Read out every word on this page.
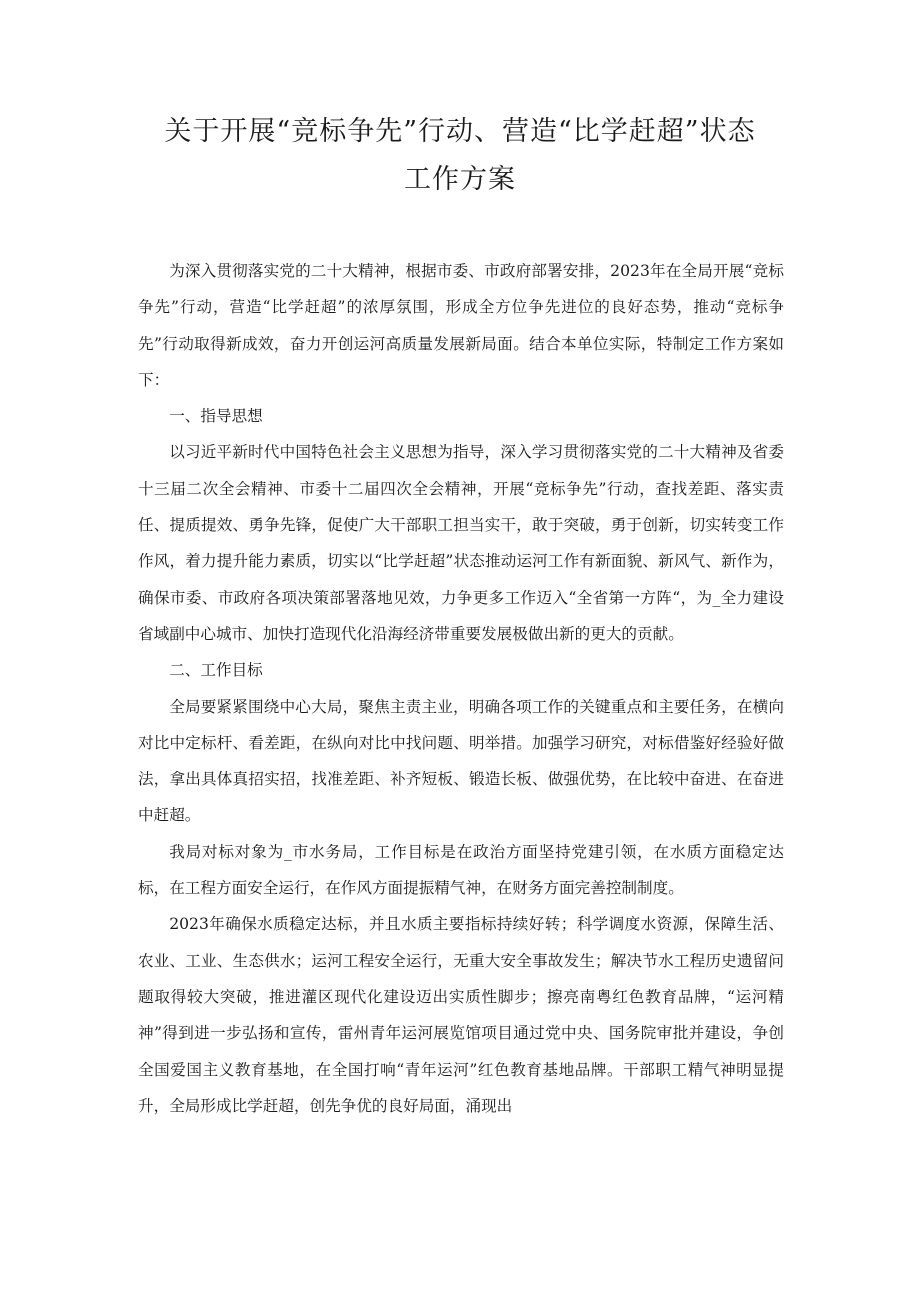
关于开展“竞标争先”行动、营造“比学赶超”状态
工作方案

为深入贯彻落实党的二十大精神，根据市委、市政府部署安排，2023年在全局开展“竞标争先”行动，营造“比学赶超”的浓厚氛围，形成全方位争先进位的良好态势，推动“竞标争先”行动取得新成效，奋力开创运河高质量发展新局面。结合本单位实际，特制定工作方案如下：

一、指导思想

以习近平新时代中国特色社会主义思想为指导，深入学习贯彻落实党的二十大精神及省委十三届二次全会精神、市委十二届四次全会精神，开展“竞标争先”行动，查找差距、落实责任、提质提效、勇争先锋，促使广大干部职工担当实干，敢于突破，勇于创新，切实转变工作作风，着力提升能力素质，切实以“比学赶超”状态推动运河工作有新面貌、新风气、新作为，确保市委、市政府各项决策部署落地见效，力争更多工作迈入“全省第一方阵“，为_全力建设省域副中心城市、加快打造现代化沿海经济带重要发展极做出新的更大的贡献。

二、工作目标

全局要紧紧围绕中心大局，聚焦主责主业，明确各项工作的关键重点和主要任务，在横向对比中定标杆、看差距，在纵向对比中找问题、明举措。加强学习研究，对标借鉴好经验好做法，拿出具体真招实招，找准差距、补齐短板、锻造长板、做强优势，在比较中奋进、在奋进中赶超。

我局对标对象为_市水务局，工作目标是在政治方面坚持党建引领，在水质方面稳定达标，在工程方面安全运行，在作风方面提振精气神，在财务方面完善控制制度。

2023年确保水质稳定达标，并且水质主要指标持续好转；科学调度水资源，保障生活、农业、工业、生态供水；运河工程安全运行，无重大安全事故发生；解决节水工程历史遗留问题取得较大突破，推进灌区现代化建设迈出实质性脚步；擦亮南粤红色教育品牌，“运河精神”得到进一步弘扬和宣传，雷州青年运河展览馆项目通过党中央、国务院审批并建设，争创全国爱国主义教育基地，在全国打响“青年运河”红色教育基地品牌。干部职工精气神明显提升，全局形成比学赶超，创先争优的良好局面，涌现出
